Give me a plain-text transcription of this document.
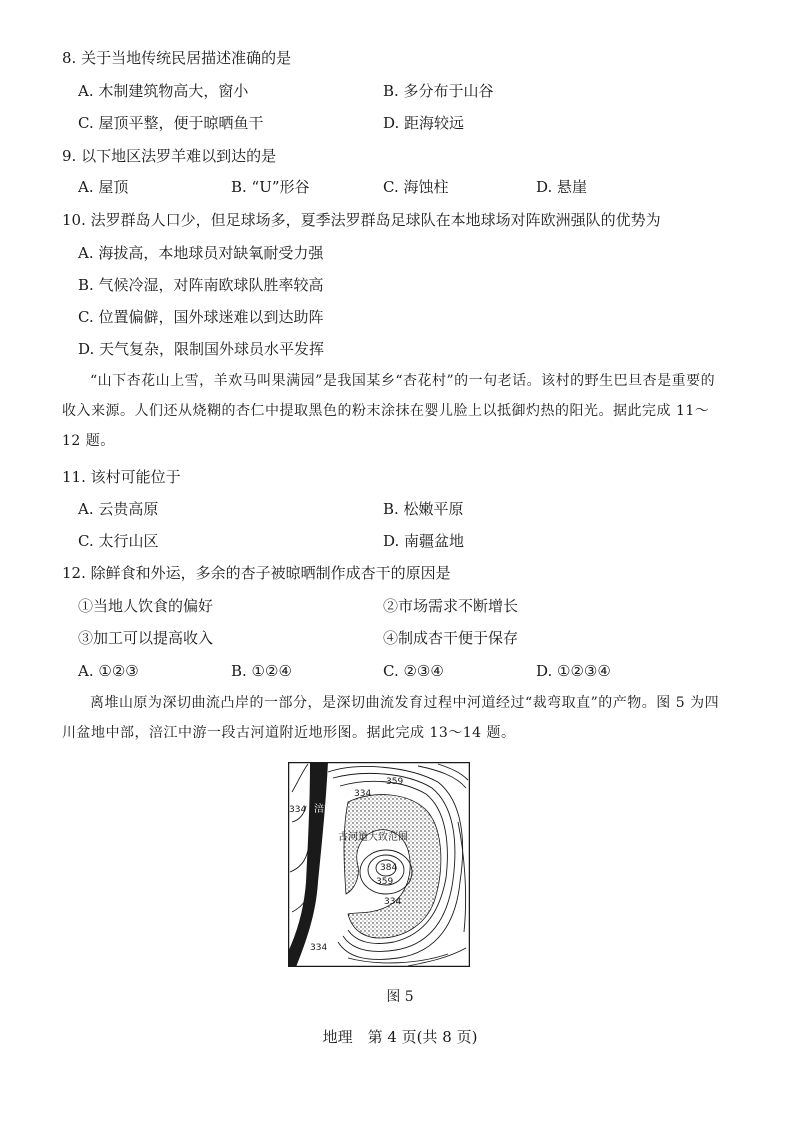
8. 关于当地传统民居描述准确的是
A. 木制建筑物高大，窗小	B. 多分布于山谷
C. 屋顶平整，便于晾晒鱼干	D. 距海较远
9. 以下地区法罗羊难以到达的是
A. 屋顶	B. “U”形谷	C. 海蚀柱	D. 悬崖
10. 法罗群岛人口少，但足球场多，夏季法罗群岛足球队在本地球场对阵欧洲强队的优势为
A. 海拔高，本地球员对缺氧耐受力强
B. 气候冷湿，对阵南欧球队胜率较高
C. 位置偏僻，国外球迷难以到达助阵
D. 天气复杂，限制国外球员水平发挥
“山下杏花山上雪，羊欢马叫果满园”是我国某乡“杏花村”的一句老话。该村的野生巴旦杏是重要的收入来源。人们还从烧糊的杏仁中提取黑色的粉末涂抹在婴儿脸上以抵御灼热的阳光。据此完成 11～12 题。
11. 该村可能位于
A. 云贵高原	B. 松嫩平原
C. 太行山区	D. 南疆盆地
12. 除鲜食和外运，多余的杏子被晾晒制作成杏干的原因是
①当地人饮食的偏好	②市场需求不断增长
③加工可以提高收入	④制成杏干便于保存
A. ①②③	B. ①②④	C. ②③④	D. ①②③④
离堆山原为深切曲流凸岸的一部分，是深切曲流发育过程中河道经过“裁弯取直”的产物。图 5 为四川盆地中部，涪江中游一段古河道附近地形图。据此完成 13～14 题。
涪江
古河道大致范围
359
334
334
384
359
334
334
图 5
地理　第 4 页(共 8 页)
